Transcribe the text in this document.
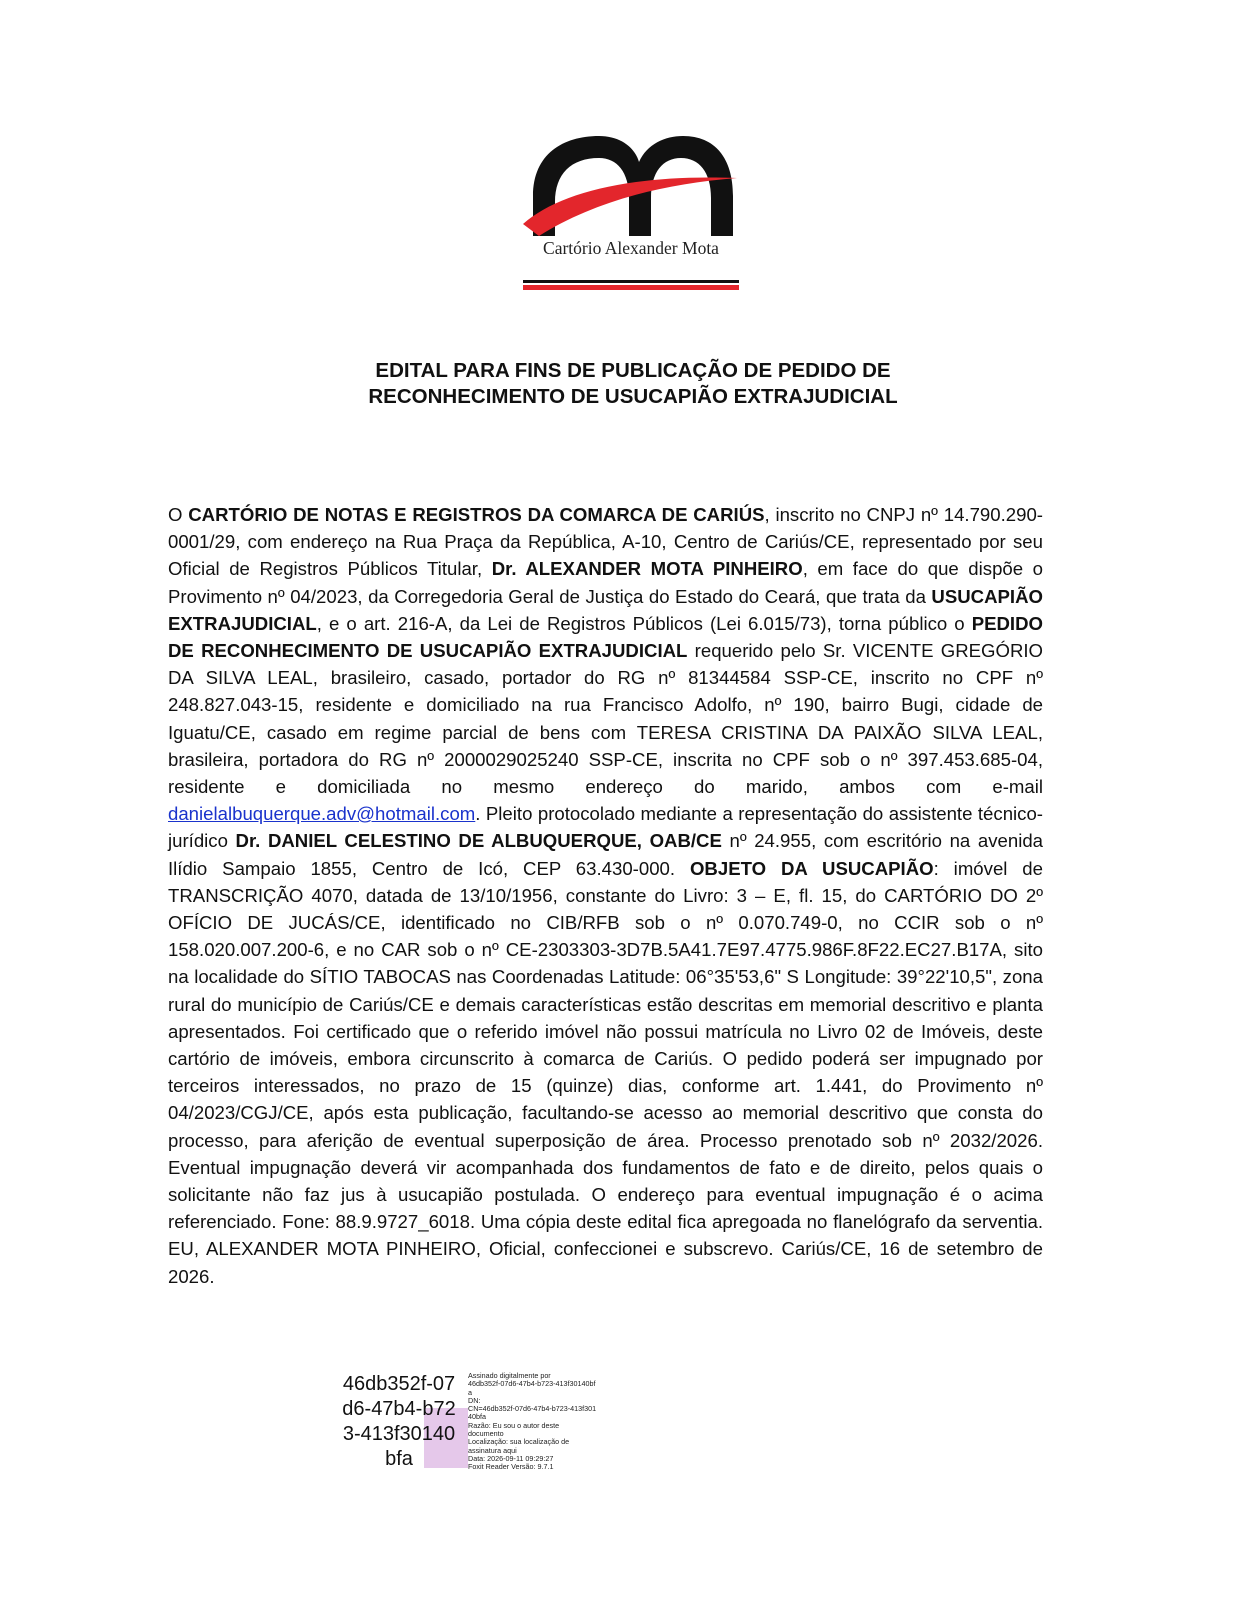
Cartório Alexander Mota
EDITAL PARA FINS DE PUBLICAÇÃO DE PEDIDO DE
RECONHECIMENTO DE USUCAPIÃO EXTRAJUDICIAL

O CARTÓRIO DE NOTAS E REGISTROS DA COMARCA DE CARIÚS, inscrito no CNPJ nº 14.790.290-0001/29, com endereço na Rua Praça da República, A-10, Centro de Cariús/CE, representado por seu Oficial de Registros Públicos Titular, Dr. ALEXANDER MOTA PINHEIRO, em face do que dispõe o Provimento nº 04/2023, da Corregedoria Geral de Justiça do Estado do Ceará, que trata da USUCAPIÃO EXTRAJUDICIAL, e o art. 216-A, da Lei de Registros Públicos (Lei 6.015/73), torna público o PEDIDO DE RECONHECIMENTO DE USUCAPIÃO EXTRAJUDICIAL requerido pelo Sr. VICENTE GREGÓRIO DA SILVA LEAL, brasileiro, casado, portador do RG nº 81344584 SSP-CE, inscrito no CPF nº 248.827.043-15, residente e domiciliado na rua Francisco Adolfo, nº 190, bairro Bugi, cidade de Iguatu/CE, casado em regime parcial de bens com TERESA CRISTINA DA PAIXÃO SILVA LEAL, brasileira, portadora do RG nº 2000029025240 SSP-CE, inscrita no CPF sob o nº 397.453.685-04, residente e domiciliada no mesmo endereço do marido, ambos com e-mail danielalbuquerque.adv@hotmail.com. Pleito protocolado mediante a representação do assistente técnico-jurídico Dr. DANIEL CELESTINO DE ALBUQUERQUE, OAB/CE nº 24.955, com escritório na avenida Ilídio Sampaio 1855, Centro de Icó, CEP 63.430-000. OBJETO DA USUCAPIÃO: imóvel de TRANSCRIÇÃO 4070, datada de 13/10/1956, constante do Livro: 3 – E, fl. 15, do CARTÓRIO DO 2º OFÍCIO DE JUCÁS/CE, identificado no CIB/RFB sob o nº 0.070.749-0, no CCIR sob o nº 158.020.007.200-6, e no CAR sob o nº CE-2303303-3D7B.5A41.7E97.4775.986F.8F22.EC27.B17A, sito na localidade do SÍTIO TABOCAS nas Coordenadas Latitude: 06°35'53,6" S Longitude: 39°22'10,5", zona rural do município de Cariús/CE e demais características estão descritas em memorial descritivo e planta apresentados. Foi certificado que o referido imóvel não possui matrícula no Livro 02 de Imóveis, deste cartório de imóveis, embora circunscrito à comarca de Cariús. O pedido poderá ser impugnado por terceiros interessados, no prazo de 15 (quinze) dias, conforme art. 1.441, do Provimento nº 04/2023/CGJ/CE, após esta publicação, facultando-se acesso ao memorial descritivo que consta do processo, para aferição de eventual superposição de área. Processo prenotado sob nº 2032/2026. Eventual impugnação deverá vir acompanhada dos fundamentos de fato e de direito, pelos quais o solicitante não faz jus à usucapião postulada. O endereço para eventual impugnação é o acima referenciado. Fone: 88.9.9727_6018. Uma cópia deste edital fica apregoada no flanelógrafo da serventia. EU, ALEXANDER MOTA PINHEIRO, Oficial, confeccionei e subscrevo. Cariús/CE, 16 de setembro de 2026.

46db352f-07
d6-47b4-b72
3-413f30140
bfa
Assinado digitalmente por
46db352f-07d6-47b4-b723-413f30140bf
a
DN:
CN=46db352f-07d6-47b4-b723-413f301
40bfa
Razão: Eu sou o autor deste
documento
Localização: sua localização de
assinatura aqui
Data: 2026-09-11 09:29:27
Foxit Reader Versão: 9.7.1
